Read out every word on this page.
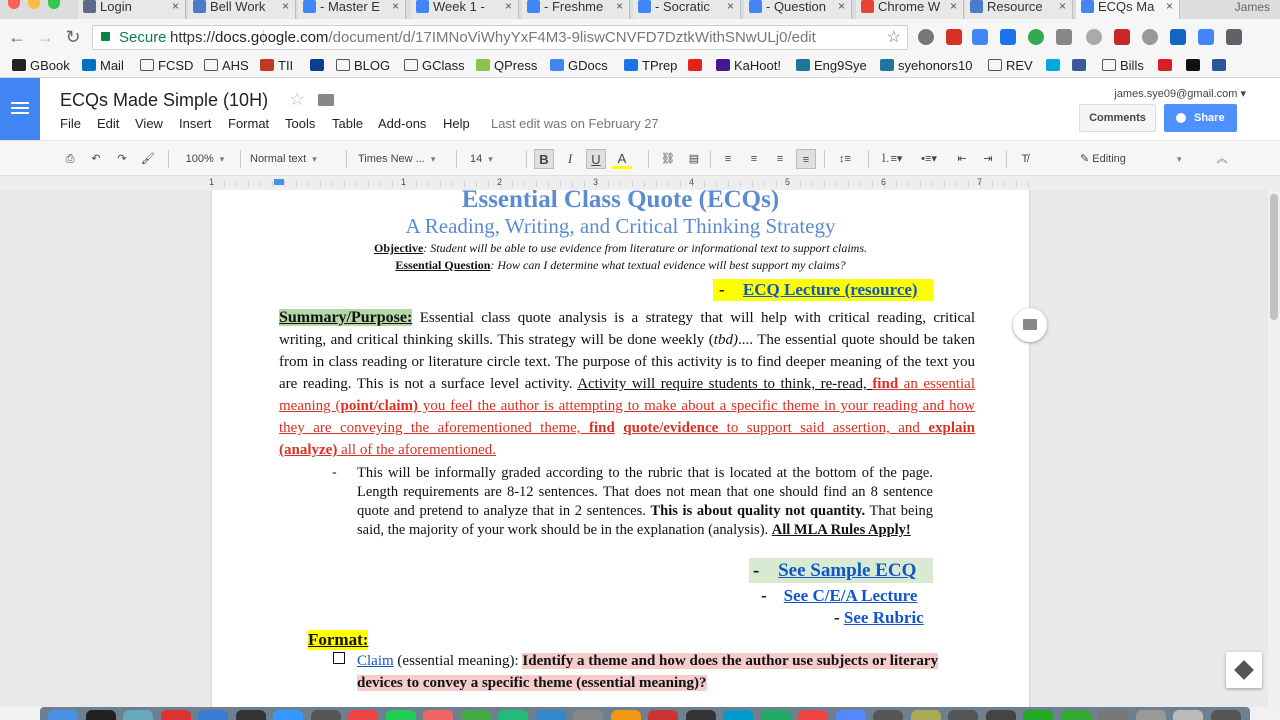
Login	×	Bell Work ×	- Master E ×	Week 1 - ×	- Freshme ×	- Socratic ×	- Question ×	Chrome W ×	Resource ×	ECQs Ma ×	James
← → ↻	Secure https://docs.google.com/document/d/17IMNoViWhyYxF4M3-9liswCNVFD7DztkWithSNwULj0/edit	☆
GBook	Mail	FCSD	AHS	TII	BLOG	GClass	QPress	GDocs	TPrep	KaHoot!	Eng9Sye	syehonors10	REV	Bills
ECQs Made Simple (10H) ☆
File Edit View Insert Format Tools Table Add-ons Help Last edit was on February 27
james.sye09@gmail.com ▾
Comments	Share
⎙	↶	↷	🖌	100% ▾	Normal text ▾	Times New ... ▾	14 ▾	B	I	U	A	⛓ ▤	≡	≡	≡	≡	↕≡	⒈≡▾	•≡▾	⇤	⇥	T̸	✎ Editing	▾	︽
1	1	2	3	4	5	6	7
Essential Class Quote (ECQs)
A Reading, Writing, and Critical Thinking Strategy
Objective: Student will be able to use evidence from literature or informational text to support claims.
Essential Question: How can I determine what textual evidence will best support my claims?
- ECQ Lecture (resource)
Summary/Purpose: Essential class quote analysis is a strategy that will help with critical reading, critical writing, and critical thinking skills. This strategy will be done weekly (tbd).... The essential quote should be taken from in class reading or literature circle text. The purpose of this activity is to find deeper meaning of the text you are reading. This is not a surface level activity. Activity will require students to think, re-read, find an essential meaning (point/claim) you feel the author is attempting to make about a specific theme in your reading and how they are conveying the aforementioned theme, find quote/evidence to support said assertion, and explain (analyze) all of the aforementioned.
- This will be informally graded according to the rubric that is located at the bottom of the page. Length requirements are 8-12 sentences. That does not mean that one should find an 8 sentence quote and pretend to analyze that in 2 sentences. This is about quality not quantity. That being said, the majority of your work should be in the explanation (analysis). All MLA Rules Apply!
- See Sample ECQ
-    See C/E/A Lecture
- See Rubric
Format:
Claim (essential meaning): Identify a theme and how does the author use subjects or literary devices to convey a specific theme (essential meaning)?
